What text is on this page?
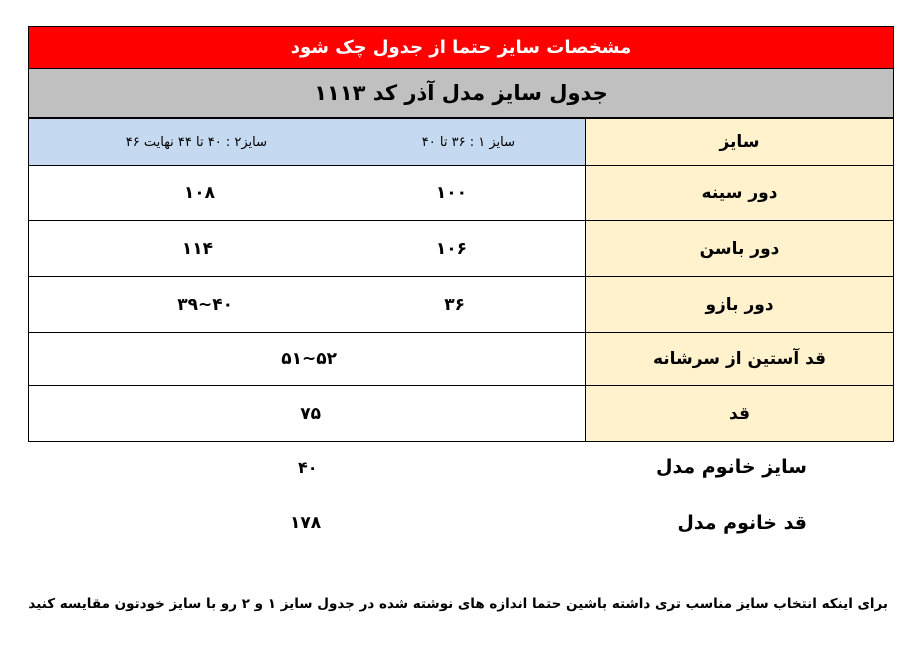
مشخصات سایز حتما از جدول چک شود
جدول سایز مدل آذر کد ۱۱۱۳
سایز
سایز ۱ : ۳۶ تا ۴۰
سایز۲ : ۴۰ تا ۴۴ نهایت ۴۶
دور سینه
۱۰۰
۱۰۸
دور باسن
۱۰۶
۱۱۴
دور بازو
۳۶
۳۹~۴۰
قد آستین از سرشانه
۵۱~۵۲
قد
۷۵
سایز خانوم مدل
۴۰
قد خانوم مدل
۱۷۸
برای اینکه انتخاب سایز مناسب تری داشته باشین حتما اندازه های نوشته شده در جدول سایز ۱ و ۲ رو با سایز خودتون مقایسه کنید
